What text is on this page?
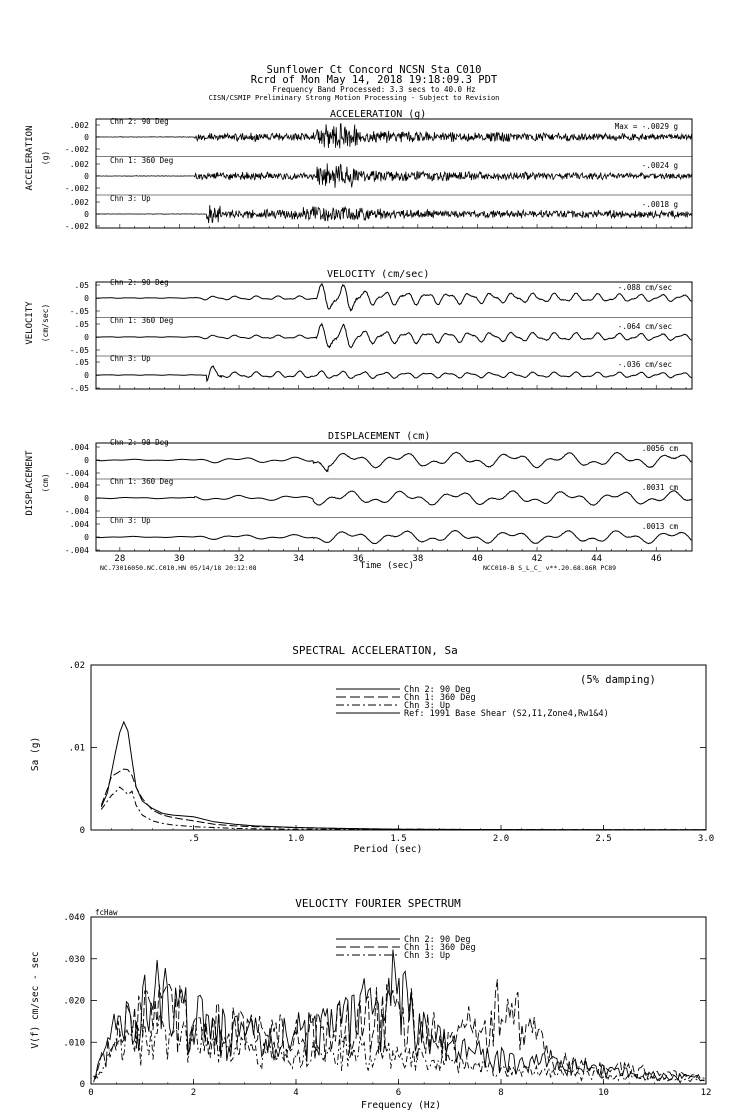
Sunflower Ct Concord NCSN Sta C010
Rcrd of Mon May 14, 2018 19:18:09.3 PDT
Frequency Band Processed: 3.3 secs to 40.0 Hz
CISN/CSMIP Preliminary Strong Motion Processing - Subject to Revision
ACCELERATION (g)
VELOCITY (cm/sec)
DISPLACEMENT (cm)
ACCELERATION (g)
VELOCITY (cm/sec)
DISPLACEMENT (cm)
Chn 2: 90 Deg
Chn 1: 360 Deg
Chn 3: Up
Max = -.0029 g
-.0024 g
-.0018 g
Chn 2: 90 Deg
Chn 1: 360 Deg
Chn 3: Up
-.088 cm/sec
-.064 cm/sec
-.036 cm/sec
Chn 2: 90 Deg
Chn 1: 360 Deg
Chn 3: Up
.0056 cm
.0031 cm
.0013 cm
Time (sec)
NC.73016050.NC.C010.HN 05/14/18 20:12:08	NCC010-B S_L_C_ v**.20.68.86R PC89
SPECTRAL ACCELERATION, Sa
(5% damping)
Sa (g)
Period (sec)
Chn 2: 90 Deg
Chn 1: 360 Deg
Chn 3: Up
Ref: 1991 Base Shear (S2,I1,Zone4,Rw1&4)
VELOCITY FOURIER SPECTRUM
fcHaw
V(f) cm/sec - sec
Frequency (Hz)
Chn 2: 90 Deg
Chn 1: 360 Deg
Chn 3: Up
.002
0
-.002
.002
0
-.002
.002
0
-.002
.05
0
-.05
.05
0
-.05
.05
0
-.05
.004
0
-.004
.004
0
-.004
.004
0
-.004
28	30	32	34	36	38	40	42	44	46
.5	1.0	1.5	2.0	2.5	3.0
0
.01
.02
0	2	4	6	8	10	12
0
.010
.020
.030
.040
